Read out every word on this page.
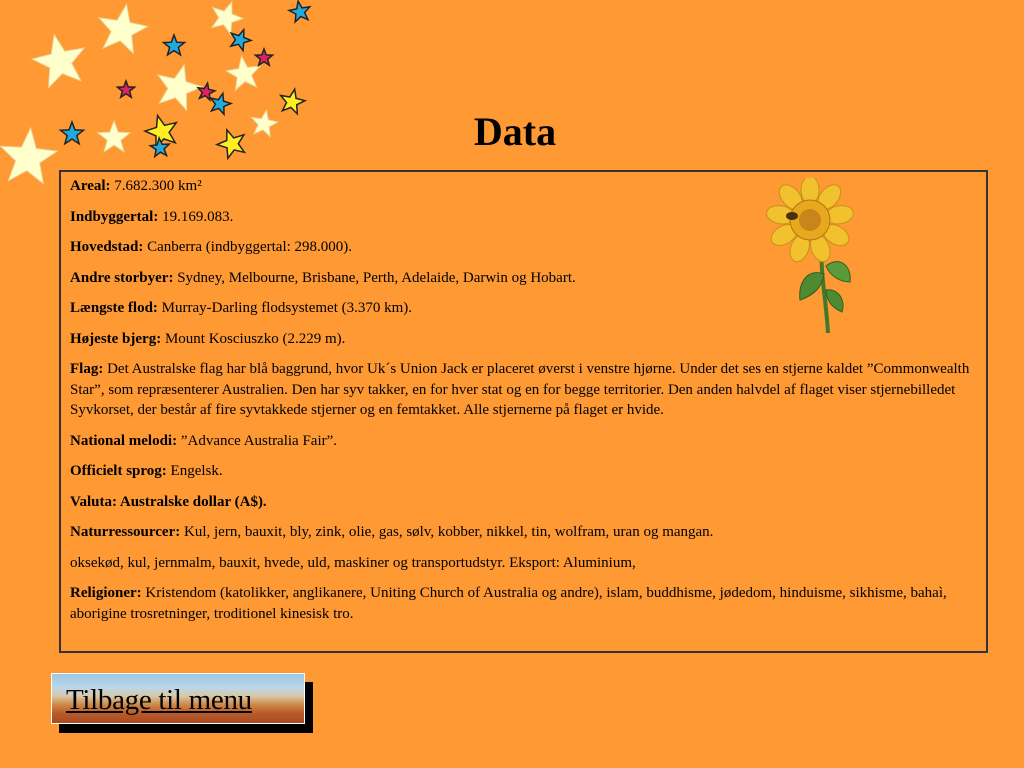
Data

Areal: 7.682.300 km²

Indbyggertal: 19.169.083.

Hovedstad: Canberra (indbyggertal: 298.000).

Andre storbyer: Sydney, Melbourne, Brisbane, Perth, Adelaide, Darwin og Hobart.

Længste flod: Murray-Darling flodsystemet (3.370 km).

Højeste bjerg: Mount Kosciuszko (2.229 m).

Flag: Det Australske flag har blå baggrund, hvor Uk´s Union Jack er placeret øverst i venstre hjørne. Under det ses en stjerne kaldet ”Commonwealth Star”, som repræsenterer Australien. Den har syv takker, en for hver stat og en for begge territorier. Den anden halvdel af flaget viser stjernebilledet Syvkorset, der består af fire syvtakkede stjerner og en femtakket. Alle stjernerne på flaget er hvide.

National melodi: ”Advance Australia Fair”.

Officielt sprog: Engelsk.

Valuta: Australske dollar (A$).

Naturressourcer: Kul, jern, bauxit, bly, zink, olie, gas, sølv, kobber, nikkel, tin, wolfram, uran og mangan.

oksekød, kul, jernmalm, bauxit, hvede, uld, maskiner og transportudstyr. Eksport: Aluminium,

Religioner: Kristendom (katolikker, anglikanere, Uniting Church of Australia og andre), islam, buddhisme, jødedom, hinduisme, sikhisme, bahaì, aborigine trosretninger, troditionel kinesisk tro.

Tilbage til menu
